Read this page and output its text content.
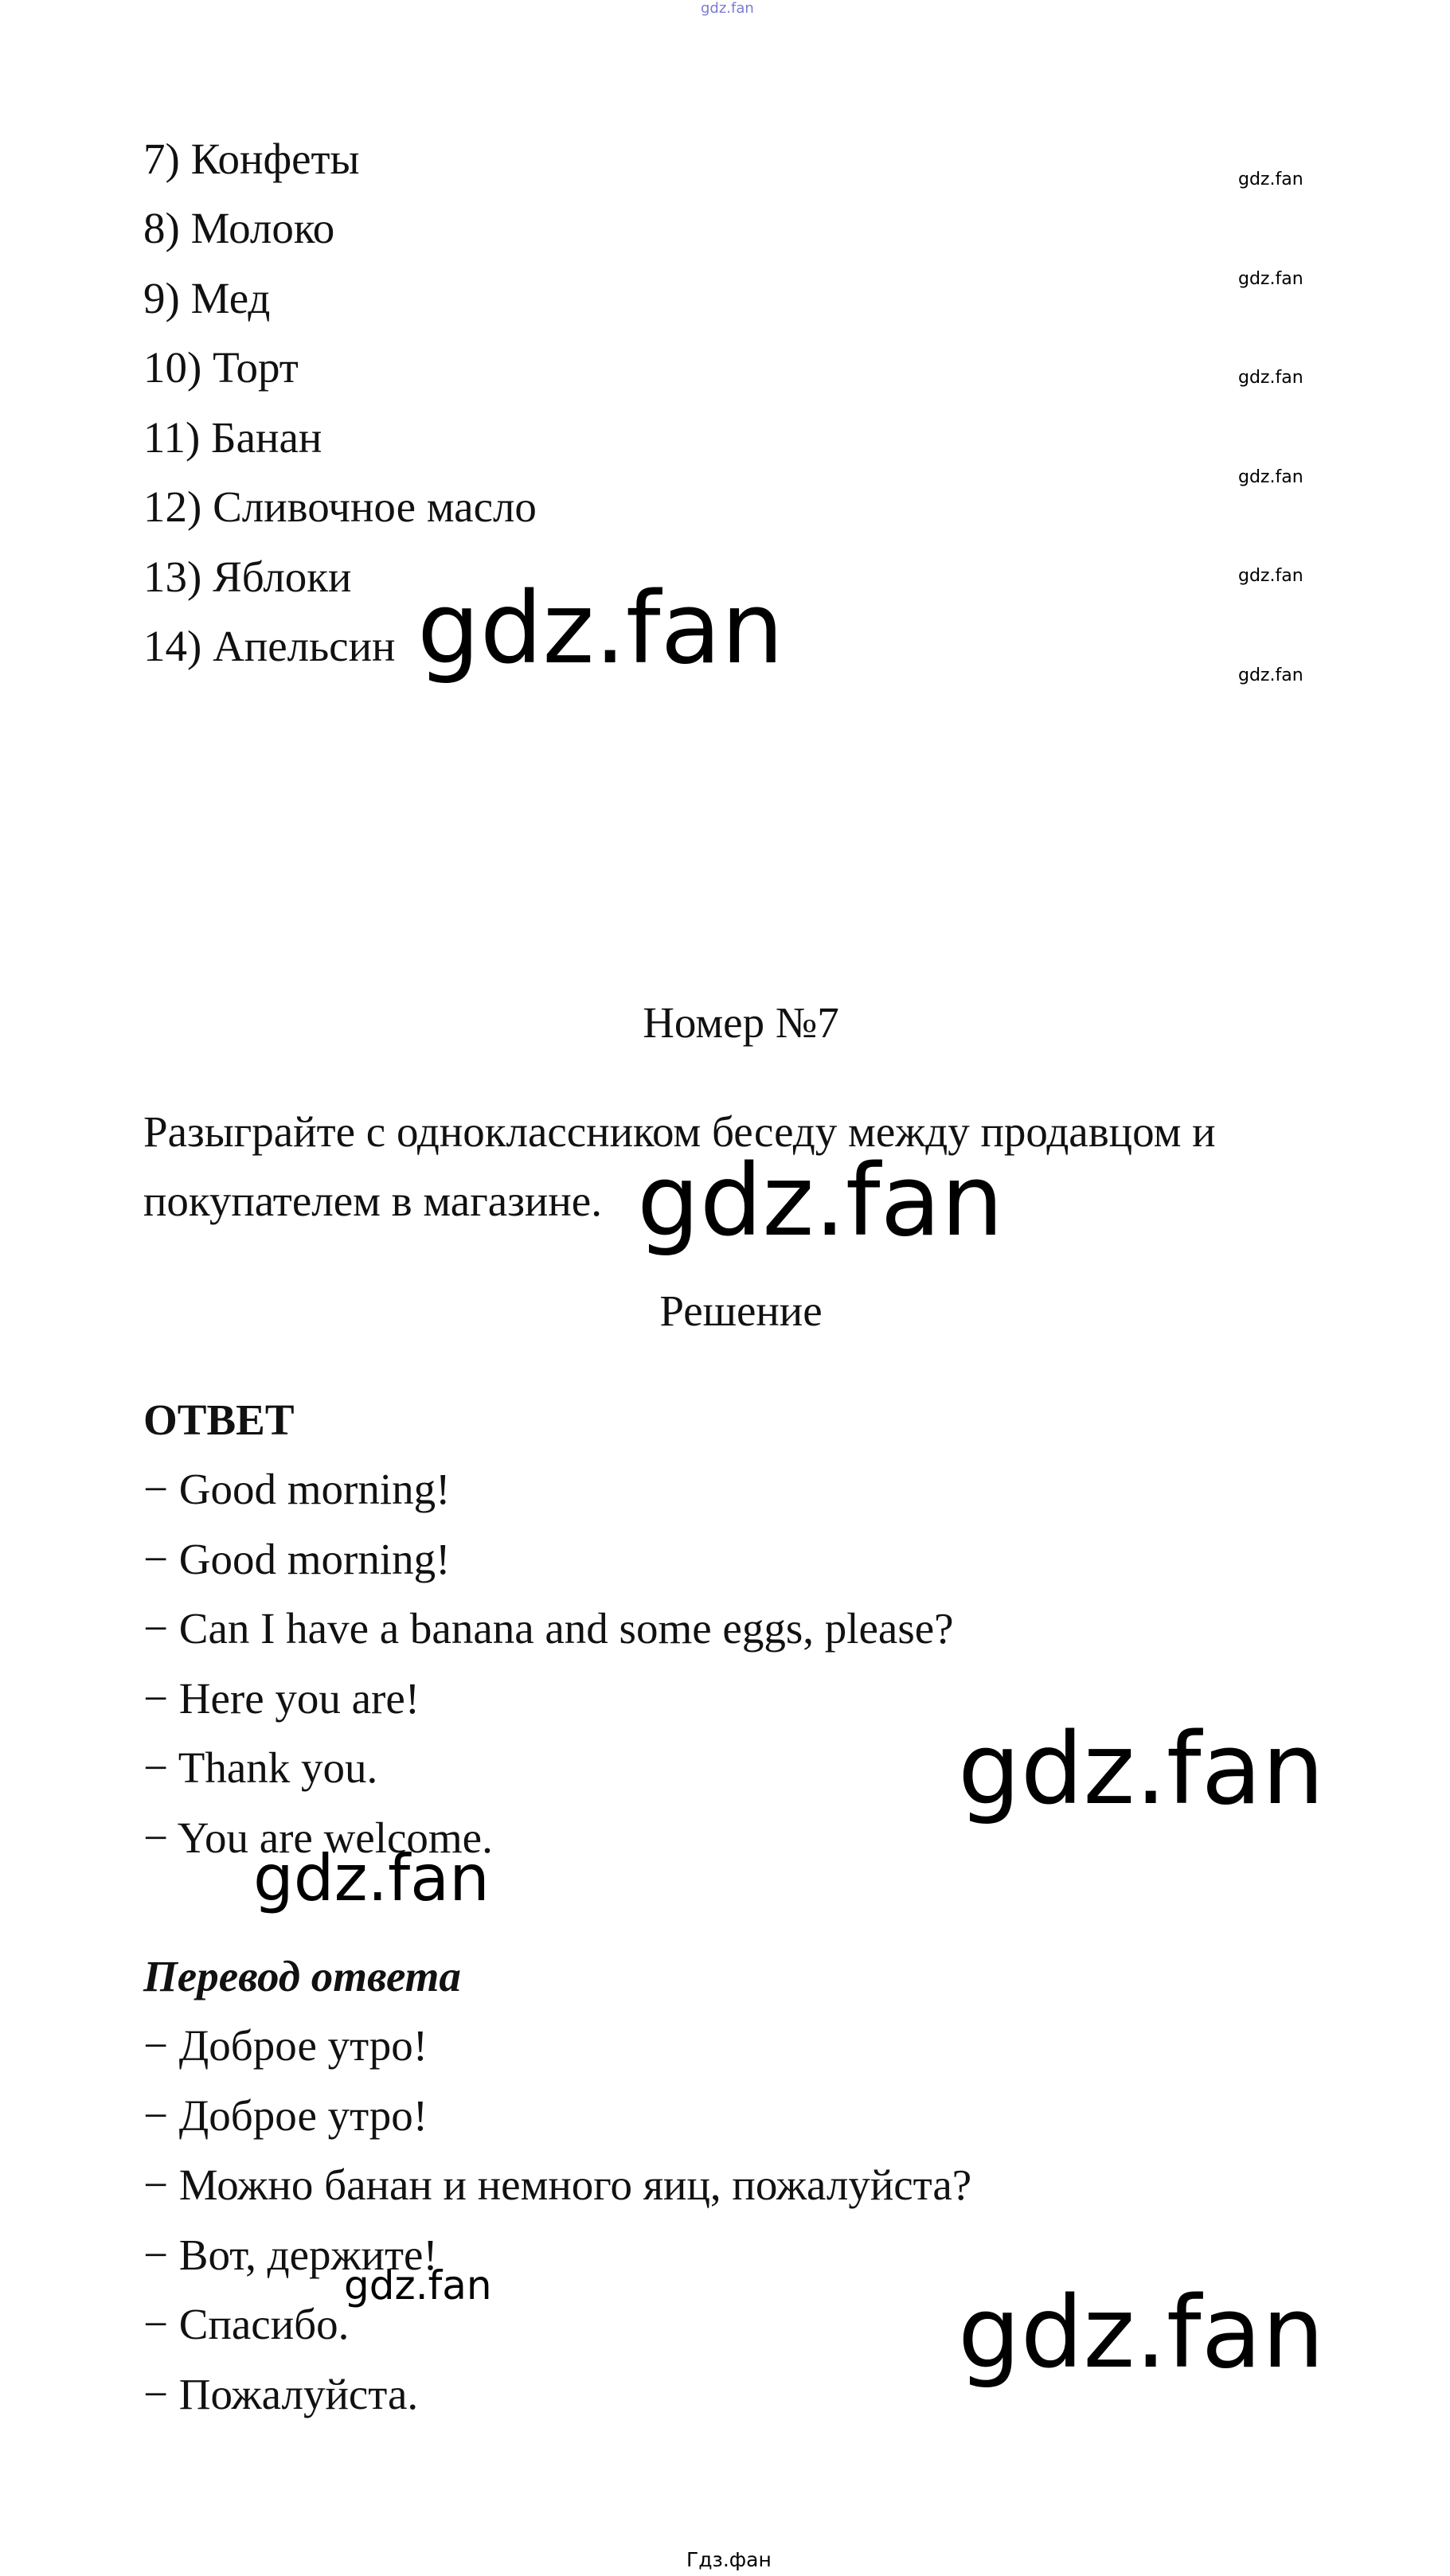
gdz.fan
7) Конфеты
8) Молоко
9) Мед
10) Торт
11) Банан
12) Сливочное масло
13) Яблоки
14) Апельсин
gdz.fan
gdz.fan
gdz.fan
gdz.fan
gdz.fan
gdz.fan
gdz.fan
Номер №7
Разыграйте с одноклассником беседу между продавцом и
покупателем в магазине. gdz.fan
Решение
ОТВЕТ
− Good morning!
− Good morning!
− Can I have a banana and some eggs, please?
− Here you are!
− Thank you.
− You are welcome.
gdz.fan
gdz.fan
Перевод ответа
− Доброе утро!
− Доброе утро!
− Можно банан и немного яиц, пожалуйста?
− Вот, держите!
− Спасибо.
− Пожалуйста.
gdz.fan	gdz.fan
Гдз.фан
